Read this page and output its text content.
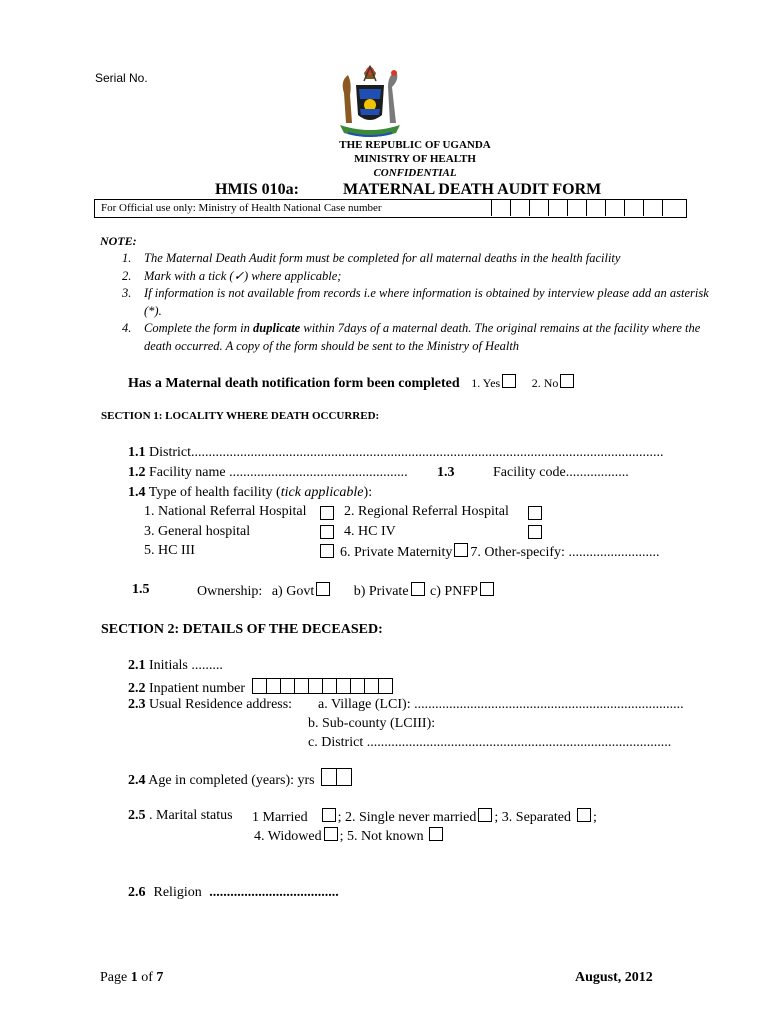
Serial No.
THE REPUBLIC OF UGANDA
MINISTRY OF HEALTH
CONFIDENTIAL
HMIS 010a:	MATERNAL DEATH AUDIT FORM
For Official use only: Ministry of Health National Case number
NOTE:
1. The Maternal Death Audit form must be completed for all maternal deaths in the health facility
2. Mark with a tick (✓) where applicable;
3. If information is not available from records i.e where information is obtained by interview please add an asterisk (*).
4. Complete the form in duplicate within 7days of a maternal death. The original remains at the facility where the death occurred. A copy of the form should be sent to the Ministry of Health
Has a Maternal death notification form been completed 1. Yes	2. No
SECTION 1: LOCALITY WHERE DEATH OCCURRED:
1.1 District.......................................................................................................................................
1.2 Facility name ................................................... 1.3	Facility code..................
1.4 Type of health facility (tick applicable):
1. National Referral Hospital	2. Regional Referral Hospital
3. General hospital	4. HC IV
5. HC III	6. Private Maternity 7. Other-specify: ..........................
1.5	Ownership: a) Govt	b) Private c) PNFP
SECTION 2: DETAILS OF THE DECEASED:
2.1 Initials .........
2.2 Inpatient number
2.3 Usual Residence address: a. Village (LCI): .............................................................................
b. Sub-county (LCIII):
c. District .......................................................................................
2.4 Age in completed (years): yrs
2.5 . Marital status 1 Married ; 2. Single never married ; 3. Separated ;
4. Widowed ; 5. Not known
2.6 Religion .....................................
Page 1 of 7	August, 2012
